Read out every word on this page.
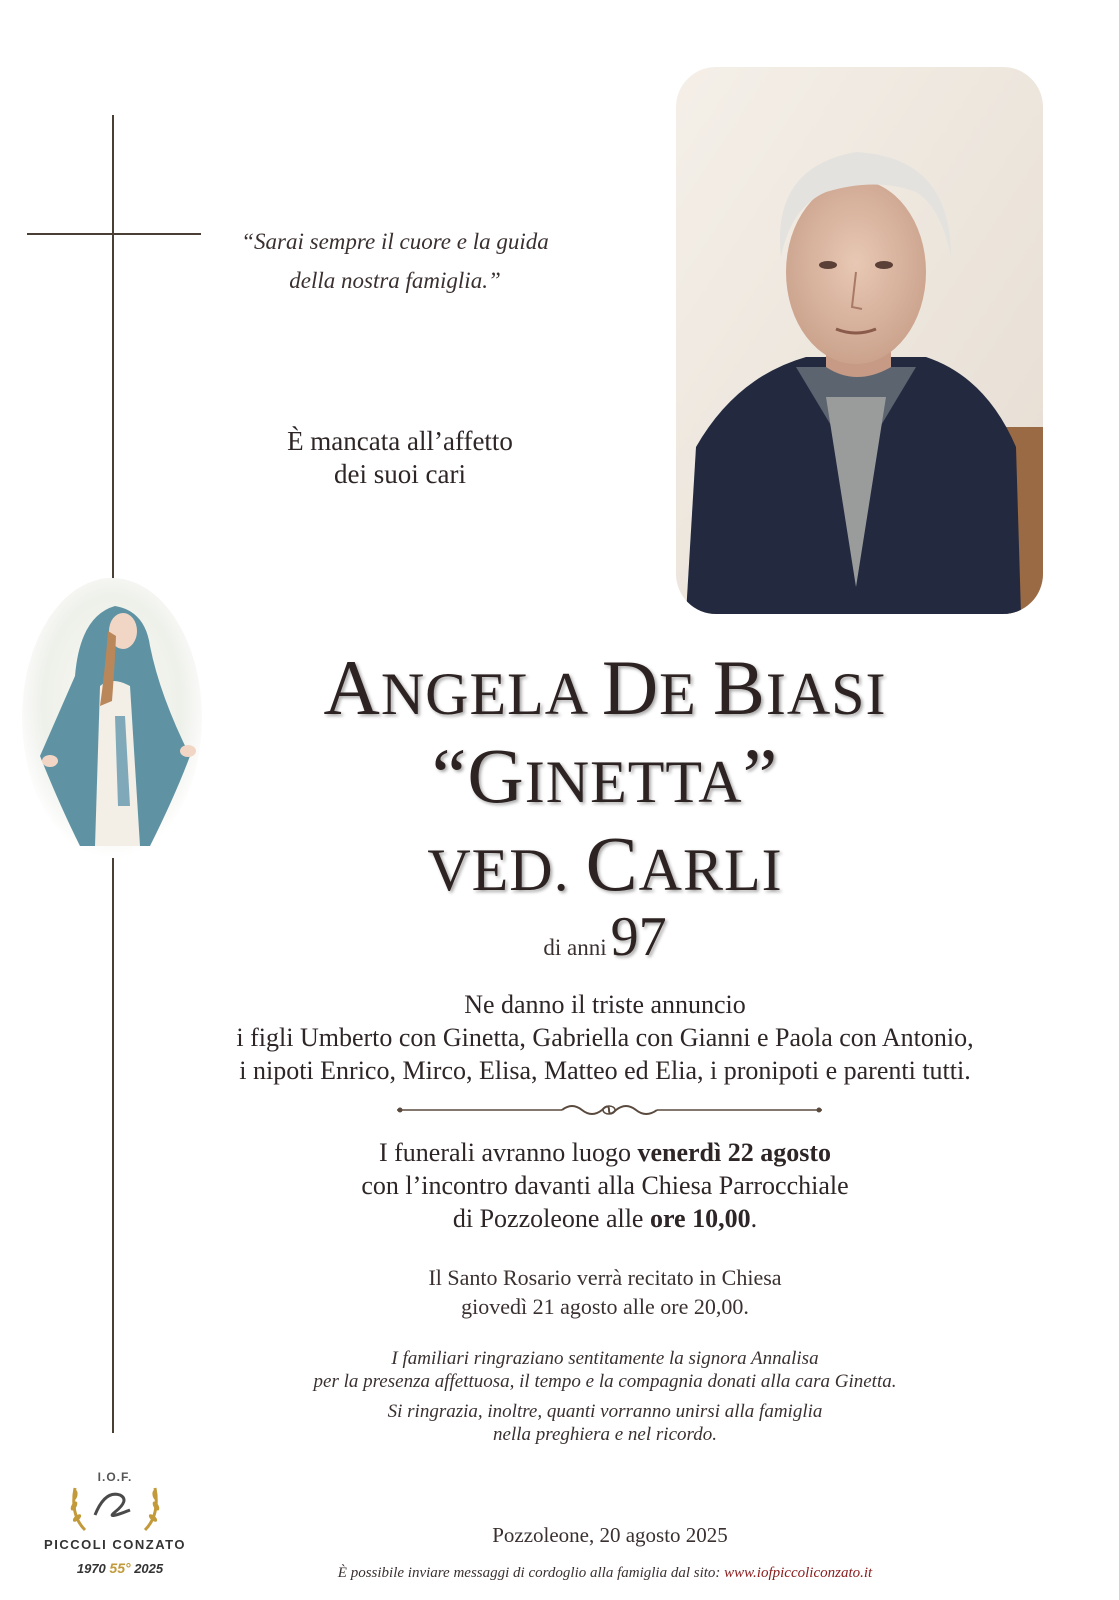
“Sarai sempre il cuore e la guida
della nostra famiglia.”
È mancata all’affetto
dei suoi cari
ANGELA DE BIASI
“GINETTA”
VED. CARLI
di anni 97
Ne danno il triste annuncio
i figli Umberto con Ginetta, Gabriella con Gianni e Paola con Antonio,
i nipoti Enrico, Mirco, Elisa, Matteo ed Elia, i pronipoti e parenti tutti.
I funerali avranno luogo venerdì 22 agosto
con l’incontro davanti alla Chiesa Parrocchiale
di Pozzoleone alle ore 10,00.
Il Santo Rosario verrà recitato in Chiesa
giovedì 21 agosto alle ore 20,00.
I familiari ringraziano sentitamente la signora Annalisa
per la presenza affettuosa, il tempo e la compagnia donati alla cara Ginetta.
Si ringrazia, inoltre, quanti vorranno unirsi alla famiglia
nella preghiera e nel ricordo.
I.O.F.
PICCOLI CONZATO
1970 55° 2025
Pozzoleone, 20 agosto 2025
È possibile inviare messaggi di cordoglio alla famiglia dal sito: www.iofpiccoliconzato.it
